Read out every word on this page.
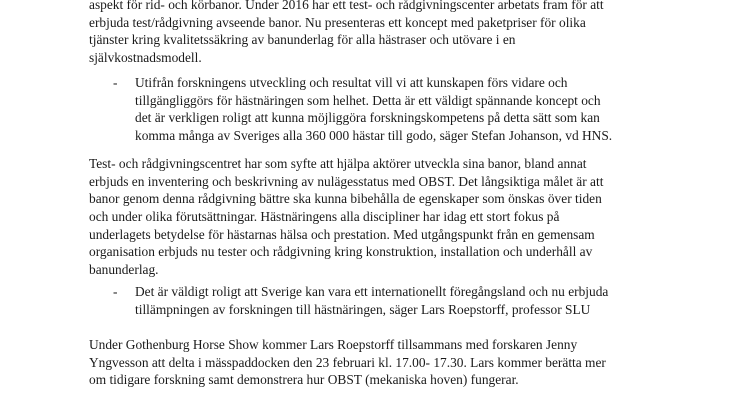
aspekt för rid- och körbanor. Under 2016 har ett test- och rådgivningscenter arbetats fram för att
erbjuda test/rådgivning avseende banor. Nu presenteras ett koncept med paketpriser för olika
tjänster kring kvalitetssäkring av banunderlag för alla hästraser och utövare i en
självkostnadsmodell.
- Utifrån forskningens utveckling och resultat vill vi att kunskapen förs vidare och
tillgängliggörs för hästnäringen som helhet. Detta är ett väldigt spännande koncept och
det är verkligen roligt att kunna möjliggöra forskningskompetens på detta sätt som kan
komma många av Sveriges alla 360 000 hästar till godo, säger Stefan Johanson, vd HNS.
Test- och rådgivningscentret har som syfte att hjälpa aktörer utveckla sina banor, bland annat
erbjuds en inventering och beskrivning av nulägesstatus med OBST. Det långsiktiga målet är att
banor genom denna rådgivning bättre ska kunna bibehålla de egenskaper som önskas över tiden
och under olika förutsättningar. Hästnäringens alla discipliner har idag ett stort fokus på
underlagets betydelse för hästarnas hälsa och prestation. Med utgångspunkt från en gemensam
organisation erbjuds nu tester och rådgivning kring konstruktion, installation och underhåll av
banunderlag.
- Det är väldigt roligt att Sverige kan vara ett internationellt föregångsland och nu erbjuda
tillämpningen av forskningen till hästnäringen, säger Lars Roepstorff, professor SLU
Under Gothenburg Horse Show kommer Lars Roepstorff tillsammans med forskaren Jenny
Yngvesson att delta i mässpaddocken den 23 februari kl. 17.00- 17.30. Lars kommer berätta mer
om tidigare forskning samt demonstrera hur OBST (mekaniska hoven) fungerar.
